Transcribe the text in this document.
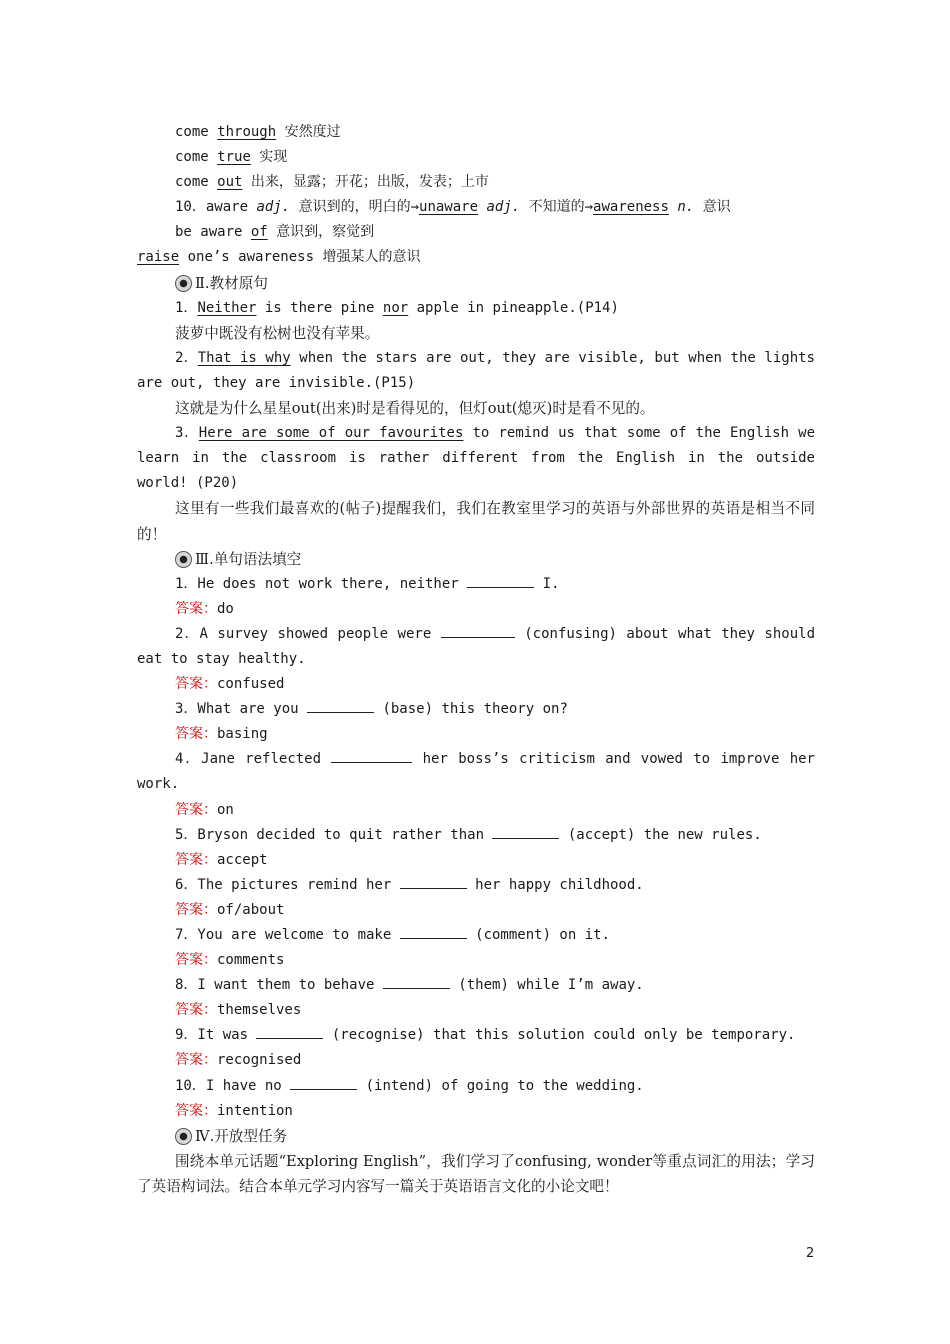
come through 安然度过
come true 实现
come out 出来，显露；开花；出版，发表；上市
10．aware adj. 意识到的，明白的→unaware adj. 不知道的→awareness n. 意识
be aware of 意识到，察觉到
raise one’s awareness 增强某人的意识
Ⅱ.教材原句
1．Neither is there pine nor apple in pineapple.(P14)
菠萝中既没有松树也没有苹果。
2．That is why when the stars are out, they are visible, but when the lights are out, they are invisible.(P15)
这就是为什么星星out(出来)时是看得见的，但灯out(熄灭)时是看不见的。
3．Here are some of our favourites to remind us that some of the English we learn in the classroom is rather different from the English in the outside world! (P20)
这里有一些我们最喜欢的(帖子)提醒我们，我们在教室里学习的英语与外部世界的英语是相当不同的！
Ⅲ.单句语法填空
1．He does not work there, neither	I.
答案：do
2．A survey showed people were	(confusing) about what they should eat to stay healthy.
答案：confused
3．What are you	(base) this theory on?
答案：basing
4．Jane reflected	her boss’s criticism and vowed to improve her work.
答案：on
5．Bryson decided to quit rather than	(accept) the new rules.
答案：accept
6．The pictures remind her	her happy childhood.
答案：of/about
7．You are welcome to make	(comment) on it.
答案：comments
8．I want them to behave	(them) while I’m away.
答案：themselves
9．It was	(recognise) that this solution could only be temporary.
答案：recognised
10．I have no	(intend) of going to the wedding.
答案：intention
Ⅳ.开放型任务
围绕本单元话题“Exploring English”，我们学习了confusing, wonder等重点词汇的用法；学习了英语构词法。结合本单元学习内容写一篇关于英语语言文化的小论文吧！
2
